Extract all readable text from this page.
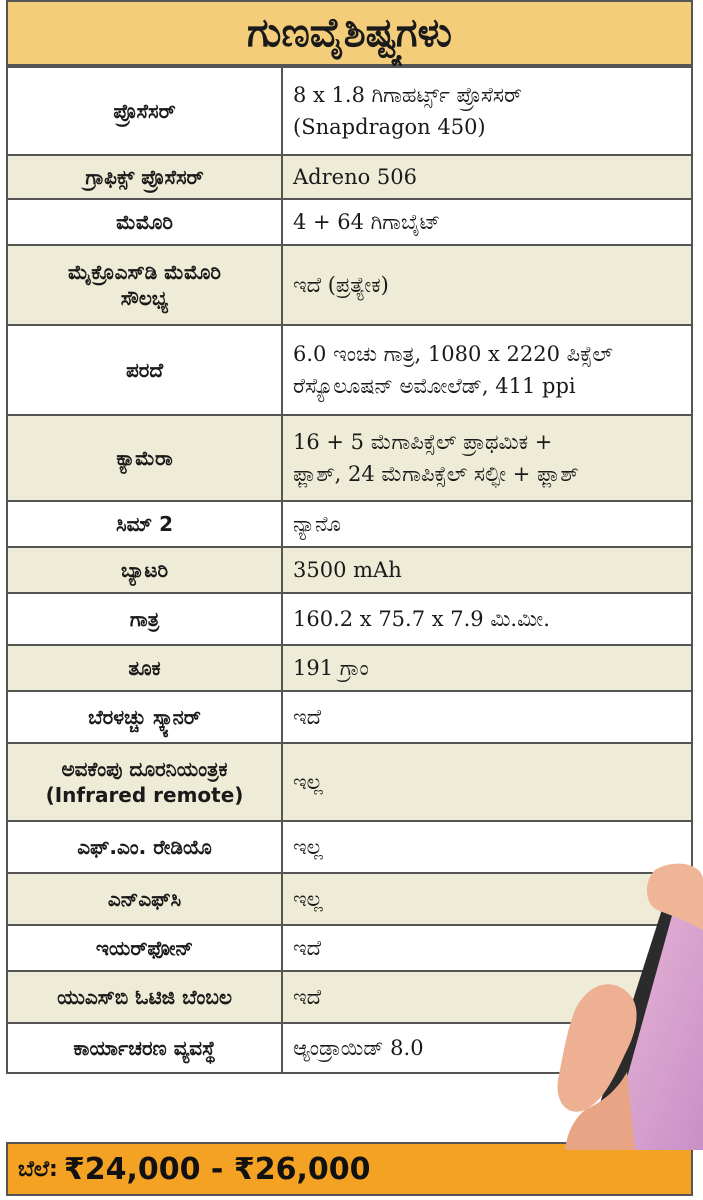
ಗುಣವೈಶಿಷ್ಟ್ಯಗಳು
ಪ್ರೊಸೆಸರ್	8 x 1.8 ಗಿಗಾಹರ್ಟ್ಸ್ ಪ್ರೊಸೆಸರ್
(Snapdragon 450)

ಗ್ರಾಫಿಕ್ಸ್ ಪ್ರೊಸೆಸರ್	Adreno 506

ಮೆಮೊರಿ	4 + 64 ಗಿಗಾಬೈಟ್

ಮೈಕ್ರೊಎಸ್‌ಡಿ ಮೆಮೊರಿ
ಸೌಲಭ್ಯ	ಇದೆ (ಪ್ರತ್ಯೇಕ)

ಪರದೆ	6.0 ಇಂಚು ಗಾತ್ರ, 1080 x 2220 ಪಿಕ್ಸೆಲ್
ರೆಸ್ಯೊಲೂಷನ್ ಅಮೋಲೆಡ್, 411 ppi

ಕ್ಯಾಮೆರಾ	16 + 5 ಮೆಗಾಪಿಕ್ಸೆಲ್ ಪ್ರಾಥಮಿಕ +
ಫ್ಲಾಶ್, 24 ಮೆಗಾಪಿಕ್ಸೆಲ್ ಸಲ್ಫೀ + ಫ್ಲಾಶ್

ಸಿಮ್ 2	ನ್ಯಾನೊ

ಬ್ಯಾಟರಿ	3500 mAh

ಗಾತ್ರ	160.2 x 75.7 x 7.9 ಮಿ.ಮೀ.

ತೂಕ	191 ಗ್ರಾಂ

ಬೆರಳಚ್ಚು ಸ್ಕ್ಯಾನರ್	ಇದೆ

ಅವಕೆಂಪು ದೂರನಿಯಂತ್ರಕ
(Infrared remote)	ಇಲ್ಲ

ಎಫ್.ಎಂ. ರೇಡಿಯೊ	ಇಲ್ಲ

ಎನ್‌ಎಫ್‌ಸಿ	ಇಲ್ಲ

ಇಯರ್‌ಫೋನ್	ಇದೆ

ಯುಎಸ್‌ಬಿ ಓಟಿಜಿ ಬೆಂಬಲ	ಇದೆ

ಕಾರ್ಯಾಚರಣ ವ್ಯವಸ್ಥೆ	ಆ್ಯಂಡ್ರಾಯಿಡ್ 8.0
ಬೆಲೆ: ₹24,000 - ₹26,000
